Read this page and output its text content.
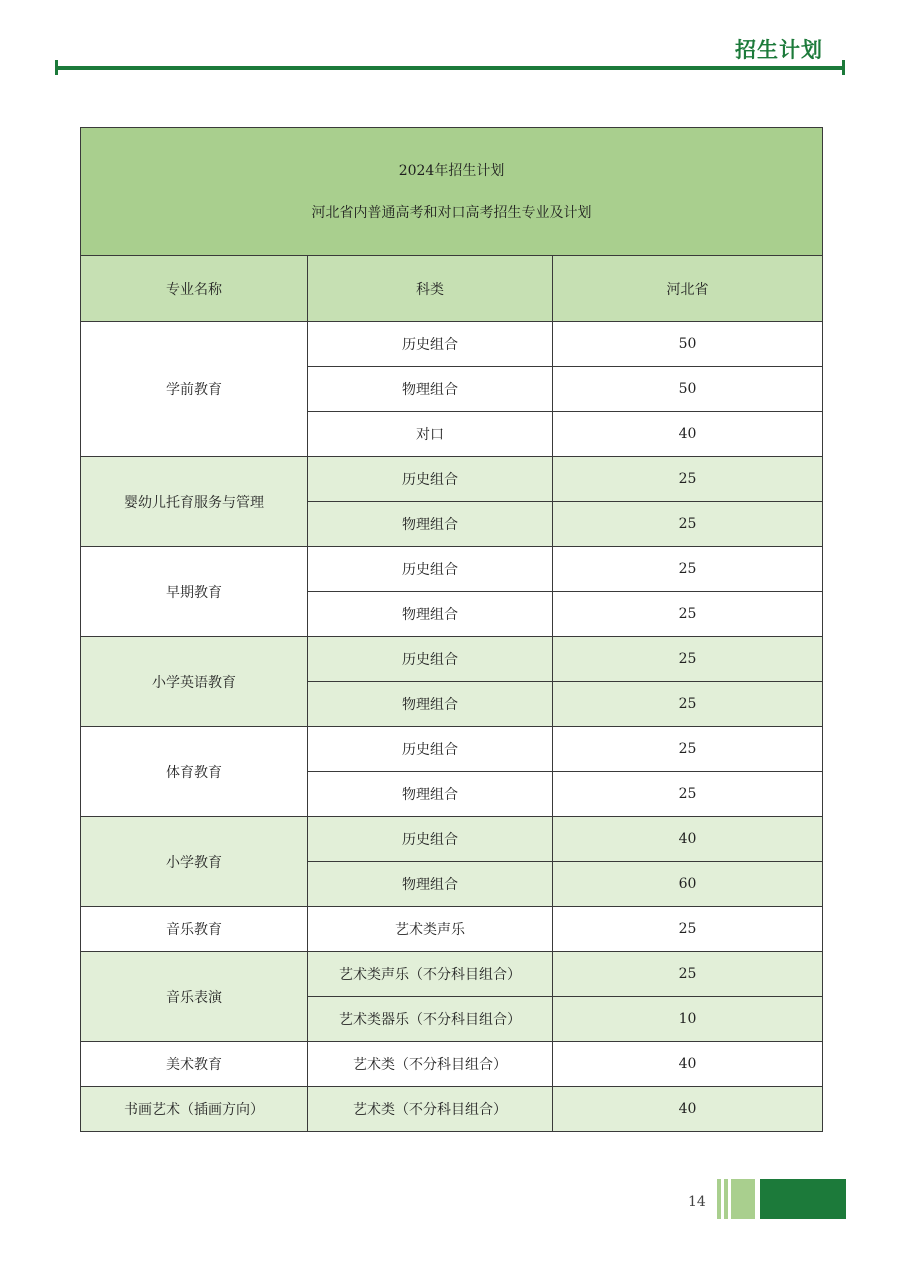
招生计划
2024年招生计划
河北省内普通高考和对口高考招生专业及计划		

专业名称	科类	河北省
学前教育	历史组合	50
	物理组合	50
	对口	40
婴幼儿托育服务与管理	历史组合	25
	物理组合	25
早期教育	历史组合	25
	物理组合	25
小学英语教育	历史组合	25
	物理组合	25
体育教育	历史组合	25
	物理组合	25
小学教育	历史组合	40
	物理组合	60
音乐教育	艺术类声乐	25
音乐表演	艺术类声乐（不分科目组合）	25
	艺术类器乐（不分科目组合）	10
美术教育	艺术类（不分科目组合）	40
书画艺术（插画方向）	艺术类（不分科目组合）	40
14
